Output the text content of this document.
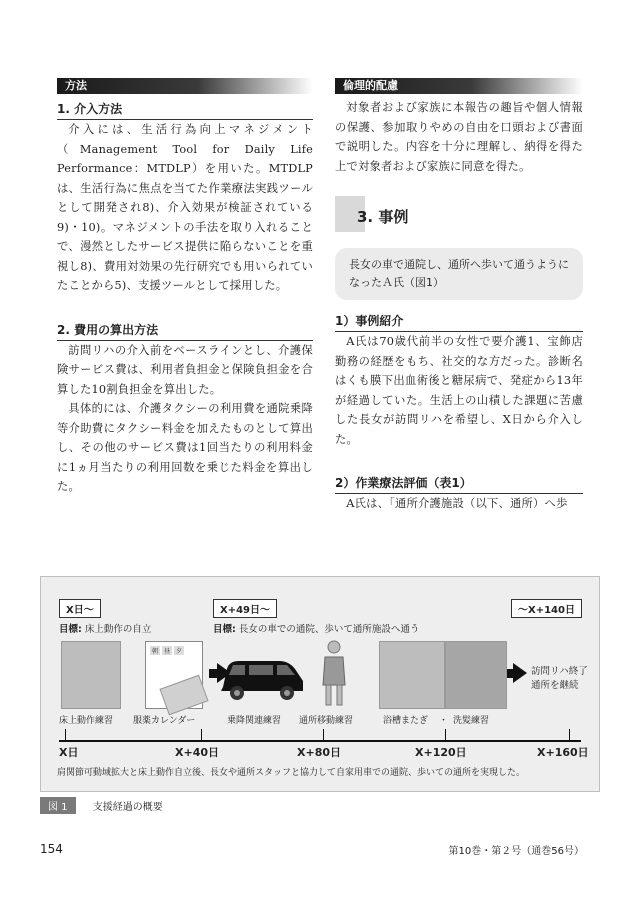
方法
1. 介入方法

介入には、生活行為向上マネジメント（Management Tool for Daily Life Performance：MTDLP）を用いた。MTDLPは、生活行為に焦点を当てた作業療法実践ツールとして開発され8)、介入効果が検証されている9)・10)。マネジメントの手法を取り入れることで、漫然としたサービス提供に陥らないことを重視し8)、費用対効果の先行研究でも用いられていたことから5)、支援ツールとして採用した。

2. 費用の算出方法

訪問リハの介入前をベースラインとし、介護保険サービス費は、利用者負担金と保険負担金を合算した10割負担金を算出した。

具体的には、介護タクシーの利用費を通院乗降等介助費にタクシー料金を加えたものとして算出し、その他のサービス費は1回当たりの利用料金に1ヵ月当たりの利用回数を乗じた料金を算出した。

倫理的配慮

対象者および家族に本報告の趣旨や個人情報の保護、参加取りやめの自由を口頭および書面で説明した。内容を十分に理解し、納得を得た上で対象者および家族に同意を得た。

3. 事例
長女の車で通院し、通所へ歩いて通うように
なったＡ氏（図1）
1）事例紹介

A氏は70歳代前半の女性で要介護1、宝飾店勤務の経歴をもち、社交的な方だった。診断名はくも膜下出血術後と糖尿病で、発症から13年が経過していた。生活上の山積した課題に苦慮した長女が訪問リハを希望し、X日から介入した。

2）作業療法評価（表1）

A氏は、「通所介護施設（以下、通所）へ歩

X日〜	X+49日〜	〜X+140日
目標: 床上動作の自立	目標: 長女の車での通院、歩いて通所施設へ通う
朝	昼	夕
訪問リハ終了
通所を継続
床上動作練習 服薬カレンダー	乗降関連練習 通所移動練習	浴槽またぎ ・ 洗髪練習
X日	X+40日	X+80日	X+120日	X+160日
肩関節可動域拡大と床上動作自立後、長女や通所スタッフと協力して自家用車での通院、歩いての通所を実現した。
図 1	支援経過の概要
154	第10巻・第２号（通巻56号）
